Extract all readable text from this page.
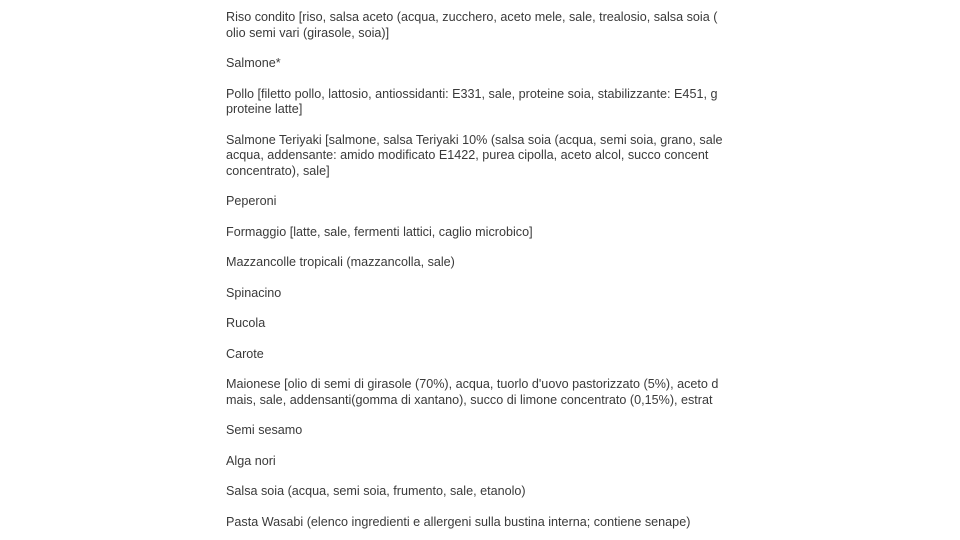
Riso condito [riso, salsa aceto (acqua, zucchero, aceto mele, sale, trealosio, salsa soia (
olio semi vari (girasole, soia)]

Salmone*

Pollo [filetto pollo, lattosio, antiossidanti: E331, sale, proteine soia, stabilizzante: E451, g
proteine latte]

Salmone Teriyaki [salmone, salsa Teriyaki 10% (salsa soia (acqua, semi soia, grano, sale
acqua, addensante: amido modificato E1422, purea cipolla, aceto alcol, succo concent
concentrato), sale]

Peperoni

Formaggio [latte, sale, fermenti lattici, caglio microbico]

Mazzancolle tropicali (mazzancolla, sale)

Spinacino

Rucola

Carote

Maionese [olio di semi di girasole (70%), acqua, tuorlo d'uovo pastorizzato (5%), aceto d
mais, sale, addensanti(gomma di xantano), succo di limone concentrato (0,15%), estrat

Semi sesamo

Alga nori

Salsa soia (acqua, semi soia, frumento, sale, etanolo)

Pasta Wasabi (elenco ingredienti e allergeni sulla bustina interna; contiene senape)
